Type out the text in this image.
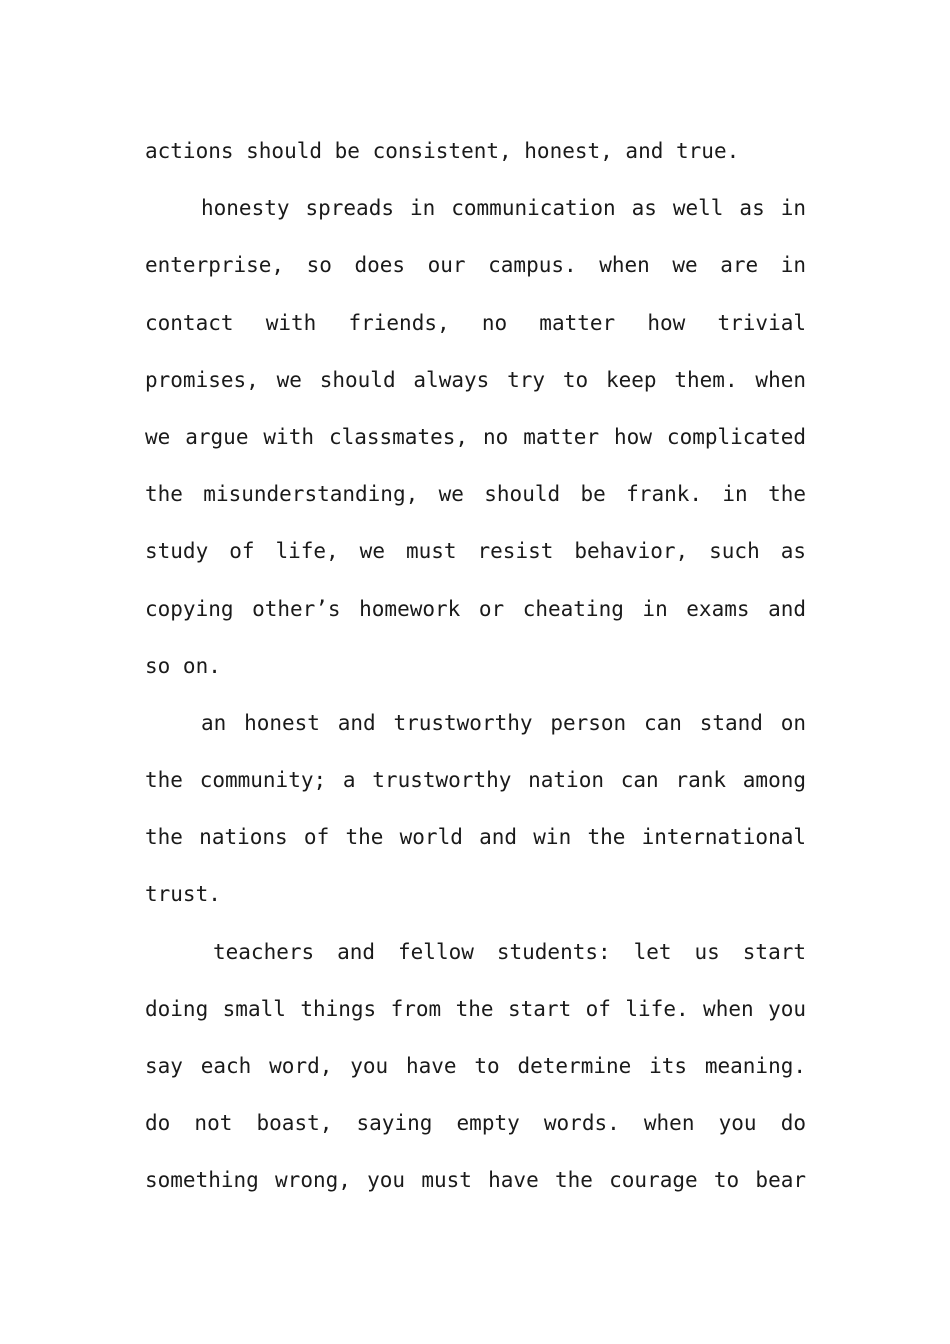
actions should be consistent, honest, and true.
honesty spreads in communication as well as in
enterprise, so does our campus. when we are in
contact with friends, no matter how trivial
promises, we should always try to keep them. when
we argue with classmates, no matter how complicated
the misunderstanding, we should be frank. in the
study of life, we must resist behavior, such as
copying other’s homework or cheating in exams and
so on.
an honest and trustworthy person can stand on
the community; a trustworthy nation can rank among
the nations of the world and win the international
trust.
teachers and fellow students: let us start
doing small things from the start of life. when you
say each word, you have to determine its meaning.
do not boast, saying empty words. when you do
something wrong, you must have the courage to bear
